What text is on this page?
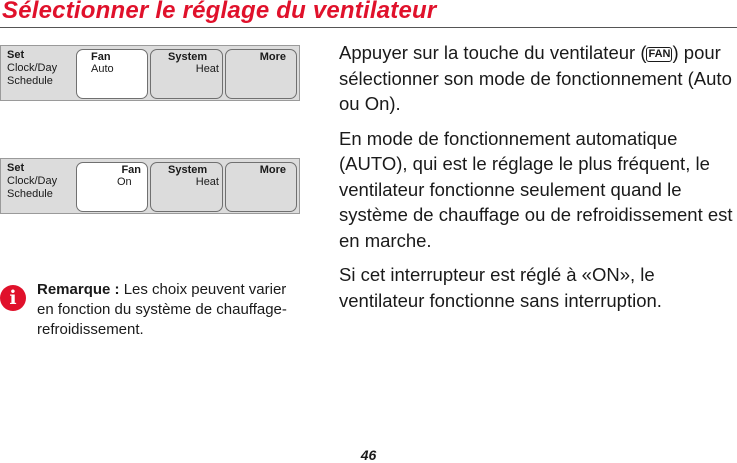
Sélectionner le réglage du ventilateur
Set
Clock/Day
Schedule
Fan
Auto
System
Heat
More
Set
Clock/Day
Schedule
Fan
On
System
Heat
More
i	Remarque : Les choix peuvent varier en fonction du système de chauffage-refroidissement.

Appuyer sur la touche du ventilateur ( FAN ) pour sélectionner son mode de fonctionnement (Auto ou On).

En mode de fonctionnement automatique (AUTO), qui est le réglage le plus fréquent, le ventilateur fonctionne seulement quand le système de chauffage ou de refroidissement est en marche.

Si cet interrupteur est réglé à «ON», le ventilateur fonctionne sans interruption.

46
